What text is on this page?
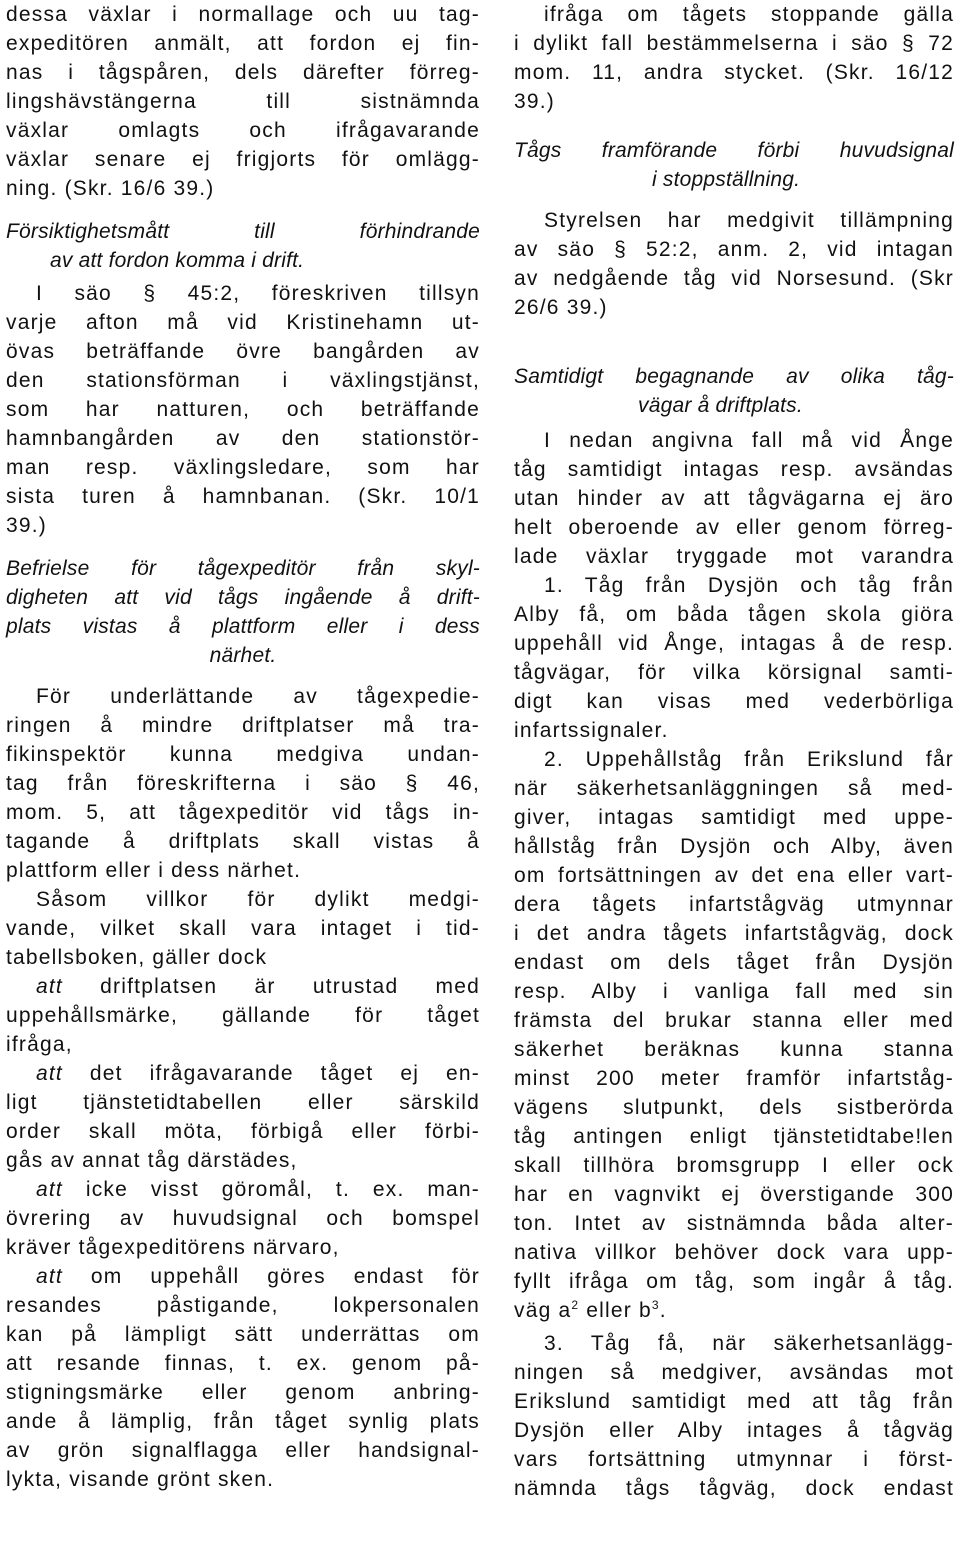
dessa växlar i normallage och uu tag-
expeditören anmält, att fordon ej fin-
nas i tågspåren, dels därefter förreg-
lingshävstängerna till sistnämnda
växlar omlagts och ifrågavarande
växlar senare ej frigjorts för omlägg-
ning. (Skr. 16/6 39.)
Försiktighetsmått till förhindrande
av att fordon komma i drift.
I säo § 45:2, föreskriven tillsyn
varje afton må vid Kristinehamn ut-
övas beträffande övre bangården av
den stationsförman i växlingstjänst,
som har natturen, och beträffande
hamnbangården av den stationstör-
man resp. växlingsledare, som har
sista turen å hamnbanan. (Skr. 10/1
39.)
Befrielse för tågexpeditör från skyl-
digheten att vid tågs ingående å drift-
plats vistas å plattform eller i dess
närhet.
För underlättande av tågexpedie-
ringen å mindre driftplatser må tra-
fikinspektör kunna medgiva undan-
tag från föreskrifterna i säo § 46,
mom. 5, att tågexpeditör vid tågs in-
tagande å driftplats skall vistas å
plattform eller i dess närhet.
Såsom villkor för dylikt medgi-
vande, vilket skall vara intaget i tid-
tabellsboken, gäller dock
att driftplatsen är utrustad med
uppehållsmärke, gällande för tåget
ifråga,
att det ifrågavarande tåget ej en-
ligt tjänstetidtabellen eller särskild
order skall möta, förbigå eller förbi-
gås av annat tåg därstädes,
att icke visst göromål, t. ex. man-
övrering av huvudsignal och bomspel
kräver tågexpeditörens närvaro,
att om uppehåll göres endast för
resandes påstigande, lokpersonalen
kan på lämpligt sätt underrättas om
att resande finnas, t. ex. genom på-
stigningsmärke eller genom anbring-
ande å lämplig, från tåget synlig plats
av grön signalflagga eller handsignal-
lykta, visande grönt sken.
ifråga om tågets stoppande gälla
i dylikt fall bestämmelserna i säo § 72
mom. 11, andra stycket. (Skr. 16/12
39.)
Tågs framförande förbi huvudsignal
i stoppställning.
Styrelsen har medgivit tillämpning
av säo § 52:2, anm. 2, vid intagan
av nedgående tåg vid Norsesund. (Skr
26/6 39.)
Samtidigt begagnande av olika tåg-
vägar å driftplats.
I nedan angivna fall må vid Ånge
tåg samtidigt intagas resp. avsändas
utan hinder av att tågvägarna ej äro
helt oberoende av eller genom förreg-
lade växlar tryggade mot varandra
1. Tåg från Dysjön och tåg från
Alby få, om båda tågen skola giöra
uppehåll vid Ånge, intagas å de resp.
tågvägar, för vilka körsignal samti-
digt kan visas med vederbörliga
infartssignaler.
2. Uppehållståg från Erikslund får
när säkerhetsanläggningen så med-
giver, intagas samtidigt med uppe-
hållståg från Dysjön och Alby, även
om fortsättningen av det ena eller vart-
dera tågets infartstågväg utmynnar
i det andra tågets infartstågväg, dock
endast om dels tåget från Dysjön
resp. Alby i vanliga fall med sin
främsta del brukar stanna eller med
säkerhet beräknas kunna stanna
minst 200 meter framför infartståg-
vägens slutpunkt, dels sistberörda
tåg antingen enligt tjänstetidtabe!len
skall tillhöra bromsgrupp I eller ock
har en vagnvikt ej överstigande 300
ton. Intet av sistnämnda båda alter-
nativa villkor behöver dock vara upp-
fyllt ifråga om tåg, som ingår å tåg.
väg $a^2$ eller $b^3$.
3. Tåg få, när säkerhetsanlägg-
ningen så medgiver, avsändas mot
Erikslund samtidigt med att tåg från
Dysjön eller Alby intages å tågväg
vars fortsättning utmynnar i först-
nämnda tågs tågväg, dock endast
